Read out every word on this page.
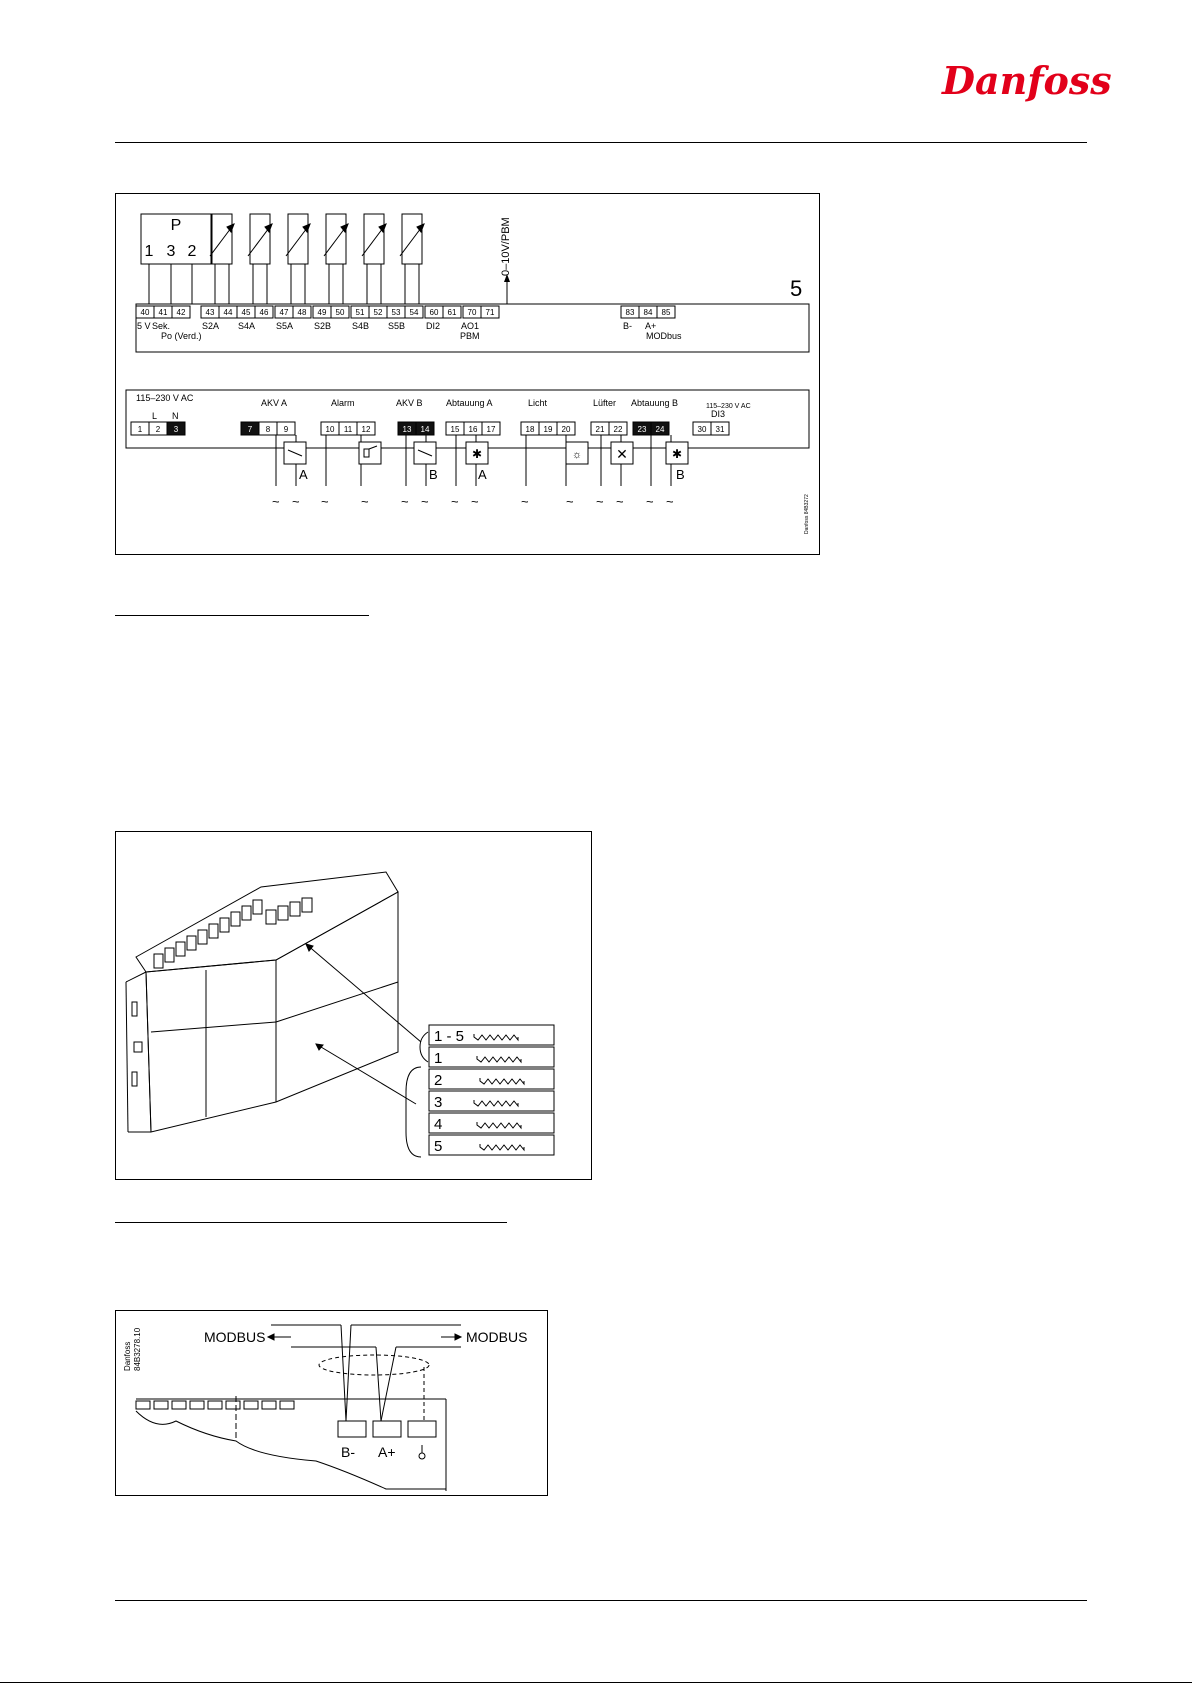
Danfoss
P
1 3 2	0–10V/PBM
5
40 41 42	43 44 45 46 47 48 49 50 51 52 53 54 60 61 70 71	83 84 85
5 V Sek.
Po (Verd.)
S2A S4A S5A S2B S4B S5B DI2 AO1
PBM
B- A+
MODbus
115–230 V AC
L N
1 2 3	7 8 9	10 11 12	13 14	15 16 17	18 19 20	21 22 23 24	30 31
AKV A	Alarm	AKV B	Abtauung A	Licht	Lüfter Abtauung B
DI3
115–230 V AC
✱	☼ ✕	✱
A	B	A	B
~ ~ ~ ~ ~ ~ ~ ~	~	~ ~ ~ ~ ~	Danfoss 84B3272
1 - 5
1
2
3
4
5
Danfoss 84B3278.10	MODBUS	MODBUS
B- A+
